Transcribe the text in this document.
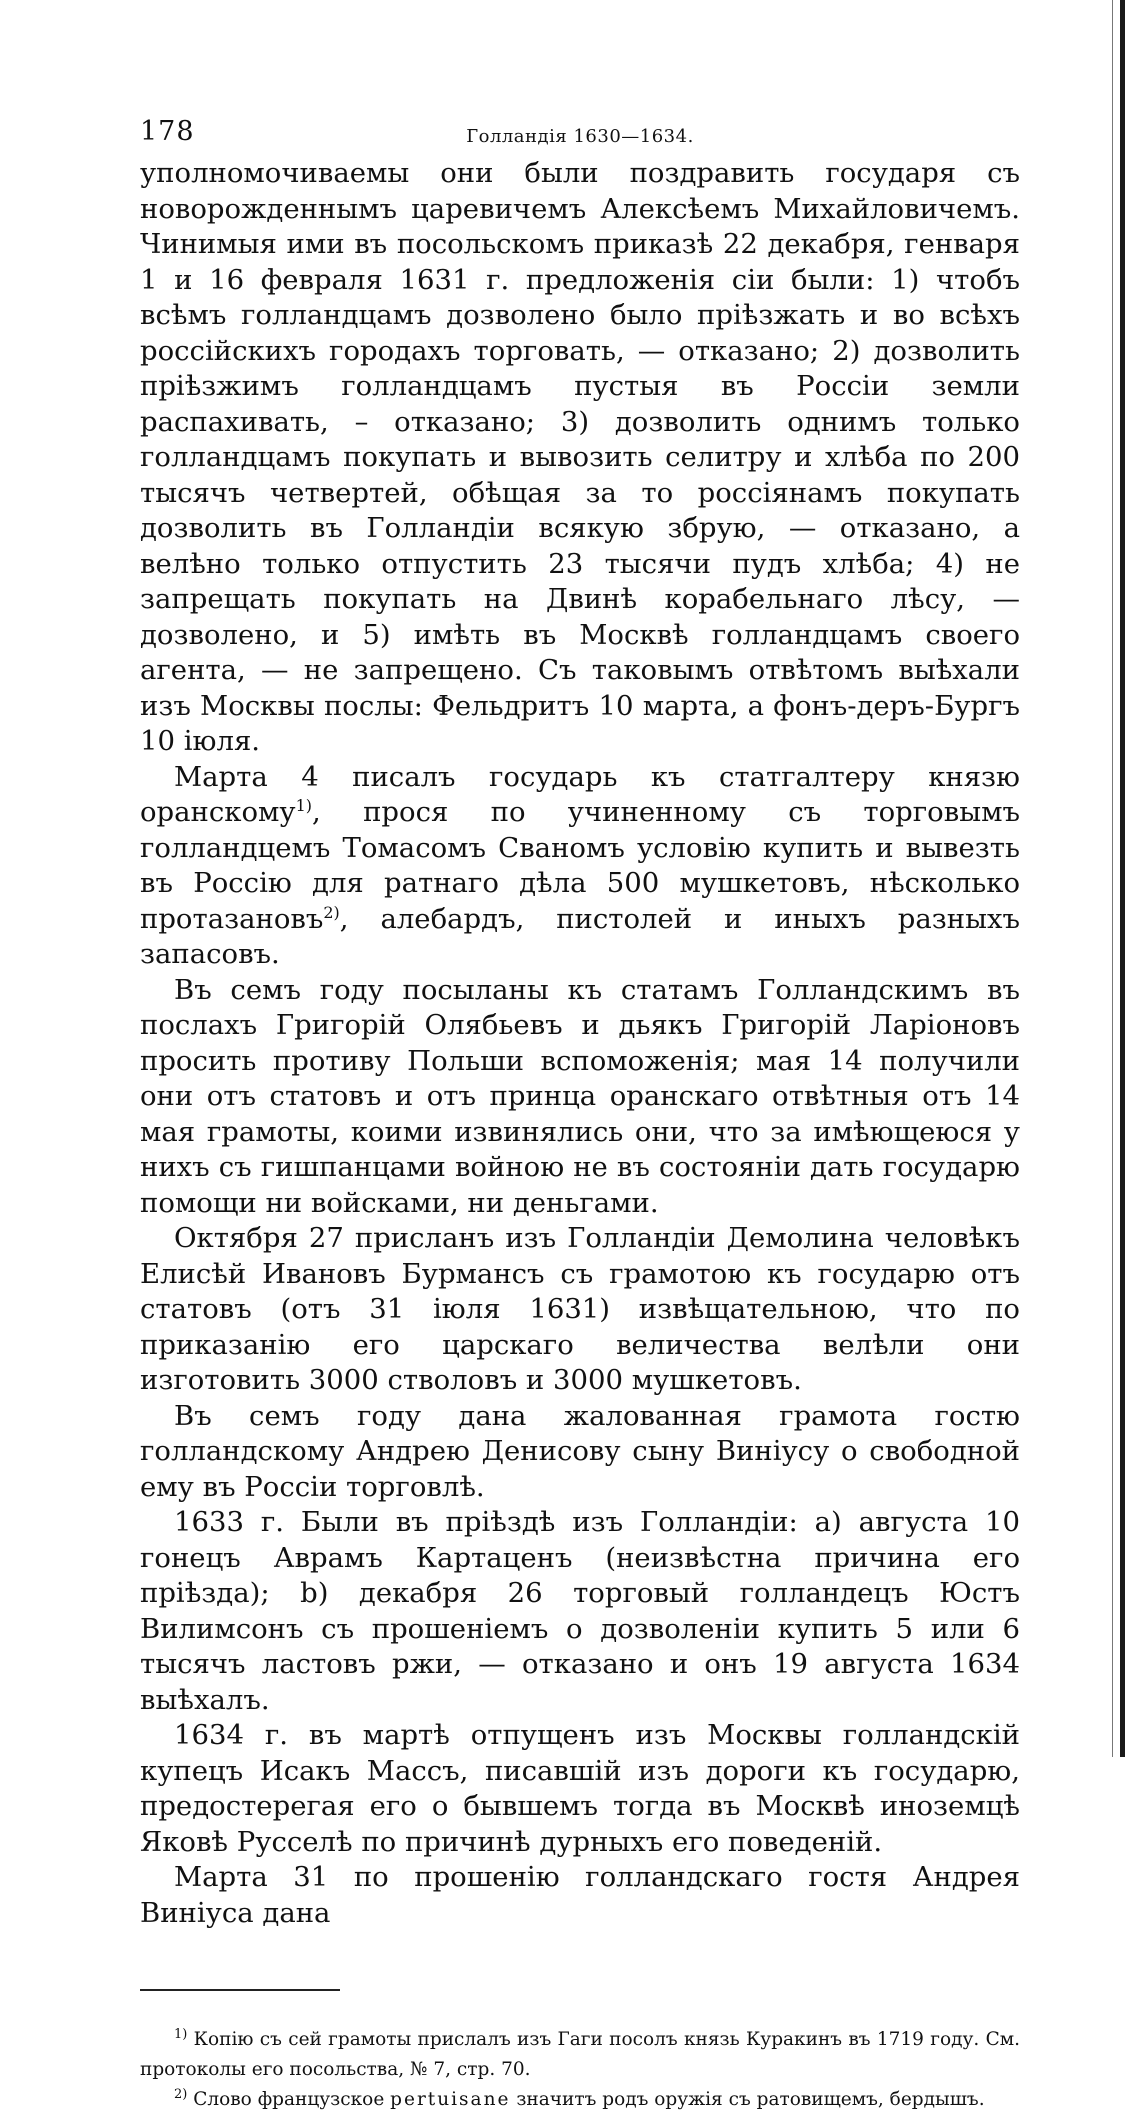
178	Голландія 1630—1634.

уполномочиваемы они были поздравить государя съ новорожденнымъ царевичемъ Алексѣемъ Михайловичемъ. Чинимыя ими въ посольскомъ приказѣ 22 декабря, генваря 1 и 16 февраля 1631 г. предложенія сіи были: 1) чтобъ всѣмъ голландцамъ дозволено было пріѣзжать и во всѣхъ россійскихъ городахъ торговать, — отказано; 2) дозволить пріѣзжимъ голландцамъ пустыя въ Россіи земли распахивать, – отказано; 3) дозволить однимъ только голландцамъ покупать и вывозить селитру и хлѣба по 200 тысячъ четвертей, обѣщая за то россіянамъ покупать дозволить въ Голландіи всякую збрую, — отказано, а велѣно только отпустить 23 тысячи пудъ хлѣба; 4) не запрещать покупать на Двинѣ корабельнаго лѣсу, — дозволено, и 5) имѣть въ Москвѣ голландцамъ своего агента, — не запрещено. Съ таковымъ отвѣтомъ выѣхали изъ Москвы послы: Фельдритъ 10 марта, а фонъ-деръ-Бургъ 10 іюля.

Марта 4 писалъ государь къ статгалтеру князю оранскому$^{1)}$, прося по учиненному съ торговымъ голландцемъ Томасомъ Сваномъ условію купить и вывезть въ Россію для ратнаго дѣла 500 мушкетовъ, нѣсколько протазановъ$^{2)}$, алебардъ, пистолей и иныхъ разныхъ запасовъ.

Въ семъ году посыланы къ статамъ Голландскимъ въ послахъ Григорій Олябьевъ и дьякъ Григорій Ларіоновъ просить противу Польши вспоможенія; мая 14 получили они отъ статовъ и отъ принца оранскаго отвѣтныя отъ 14 мая грамоты, коими извинялись они, что за имѣющеюся у нихъ съ гишпанцами войною не въ состояніи дать государю помощи ни войсками, ни деньгами.

Октября 27 присланъ изъ Голландіи Демолина человѣкъ Елисѣй Ивановъ Бурмансъ съ грамотою къ государю отъ статовъ (отъ 31 іюля 1631) извѣщательною, что по приказанію его царскаго величества велѣли они изготовить 3000 стволовъ и 3000 мушкетовъ.

Въ семъ году дана жалованная грамота гостю голландскому Андрею Денисову сыну Виніусу о свободной ему въ Россіи торговлѣ.

1633 г. Были въ пріѣздѣ изъ Голландіи: a) августа 10 гонецъ Аврамъ Картаценъ (неизвѣстна причина его пріѣзда); b) декабря 26 торговый голландецъ Юстъ Вилимсонъ съ прошеніемъ о дозволеніи купить 5 или 6 тысячъ ластовъ ржи, — отказано и онъ 19 августа 1634 выѣхалъ.

1634 г. въ мартѣ отпущенъ изъ Москвы голландскій купецъ Исакъ Массъ, писавшій изъ дороги къ государю, предостерегая его о бывшемъ тогда въ Москвѣ иноземцѣ Яковѣ Русселѣ по причинѣ дурныхъ его поведеній.

Марта 31 по прошенію голландскаго гостя Андрея Виніуса дана

$^{1)}$ Копію съ сей грамоты прислалъ изъ Гаги посолъ князь Куракинъ въ 1719 году. См. протоколы его посольства, № 7, стр. 70.

$^{2)}$ Слово французское pertuisane значитъ родъ оружія съ ратовищемъ, бердышъ.
